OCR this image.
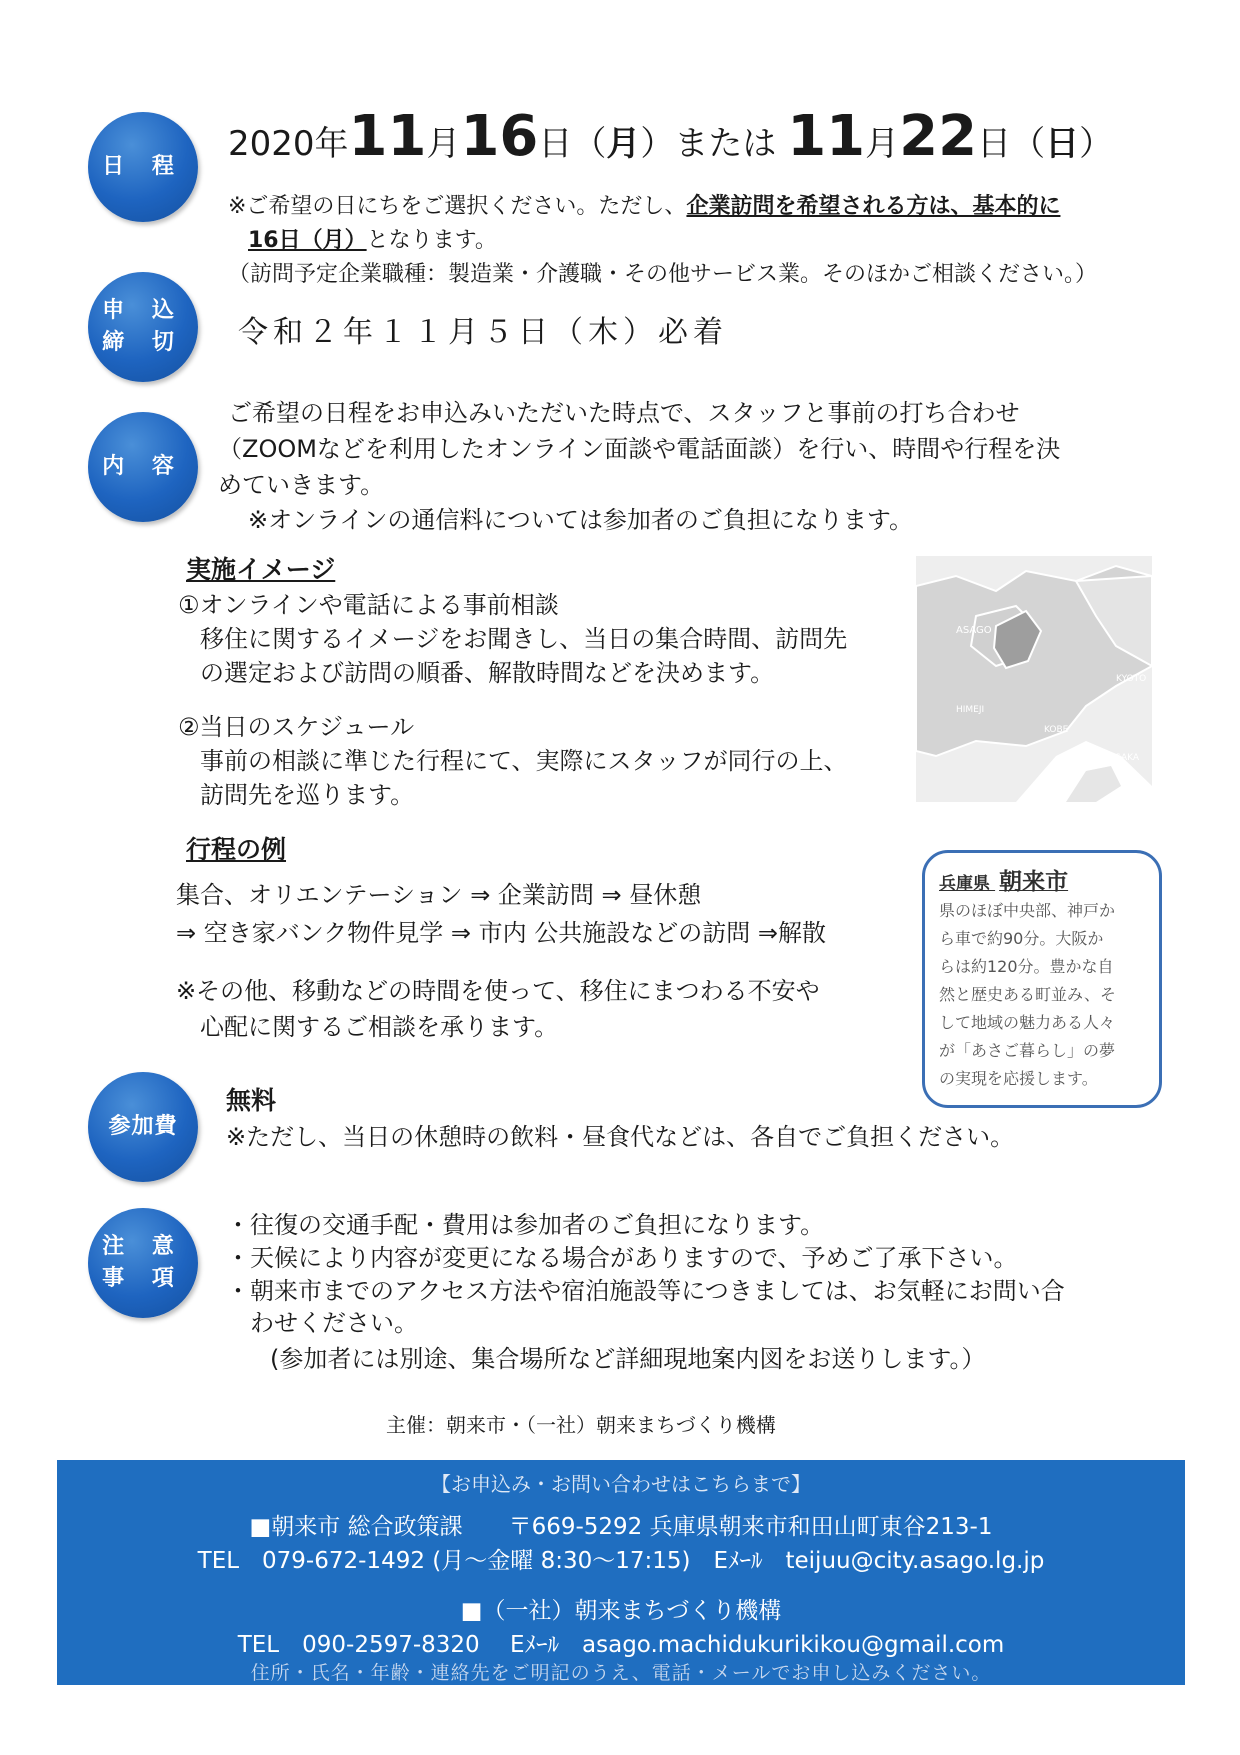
日 程
申 込
締 切
内 容
参加費
注 意
事 項
2020年11月16日（月）または 11月22日（日）
※ご希望の日にちをご選択ください。ただし、企業訪問を希望される方は、基本的に
16日（月）となります。
（訪問予定企業職種：製造業・介護職・その他サービス業。そのほかご相談ください。）
令和２年１１月５日（木）必着
ご希望の日程をお申込みいただいた時点で、スタッフと事前の打ち合わせ
（ZOOMなどを利用したオンライン面談や電話面談）を行い、時間や行程を決
めていきます。
※オンラインの通信料については参加者のご負担になります。
実施イメージ
①オンラインや電話による事前相談
移住に関するイメージをお聞きし、当日の集合時間、訪問先
の選定および訪問の順番、解散時間などを決めます。
②当日のスケジュール
事前の相談に準じた行程にて、実際にスタッフが同行の上、
訪問先を巡ります。
ASAGO
HIMEJI
KOBE
KYOTO
OSAKA
行程の例
集合、オリエンテーション ⇒ 企業訪問 ⇒ 昼休憩
⇒ 空き家バンク物件見学 ⇒ 市内 公共施設などの訪問 ⇒解散
※その他、移動などの時間を使って、移住にまつわる不安や
心配に関するご相談を承ります。
兵庫県 朝来市
県のほぼ中央部、神戸か
ら車で約90分。大阪か
らは約120分。豊かな自
然と歴史ある町並み、そ
して地域の魅力ある人々
が「あさご暮らし」の夢
の実現を応援します。
無料
※ただし、当日の休憩時の飲料・昼食代などは、各自でご負担ください。
・往復の交通手配・費用は参加者のご負担になります。
・天候により内容が変更になる場合がありますので、予めご了承下さい。
・朝来市までのアクセス方法や宿泊施設等につきましては、お気軽にお問い合
わせください。
(参加者には別途、集合場所など詳細現地案内図をお送りします。）
主催：朝来市・（一社）朝来まちづくり機構
【お申込み・お問い合わせはこちらまで】
■朝来市 総合政策課　　〒669-5292 兵庫県朝来市和田山町東谷213-1
TEL　079-672-1492 (月～金曜 8:30～17:15)　Eﾒｰﾙ　teijuu@city.asago.lg.jp
■（一社）朝来まちづくり機構
TEL　090-2597-8320　 Eﾒｰﾙ　asago.machidukurikikou@gmail.com
住所・氏名・年齢・連絡先をご明記のうえ、電話・メールでお申し込みください。
